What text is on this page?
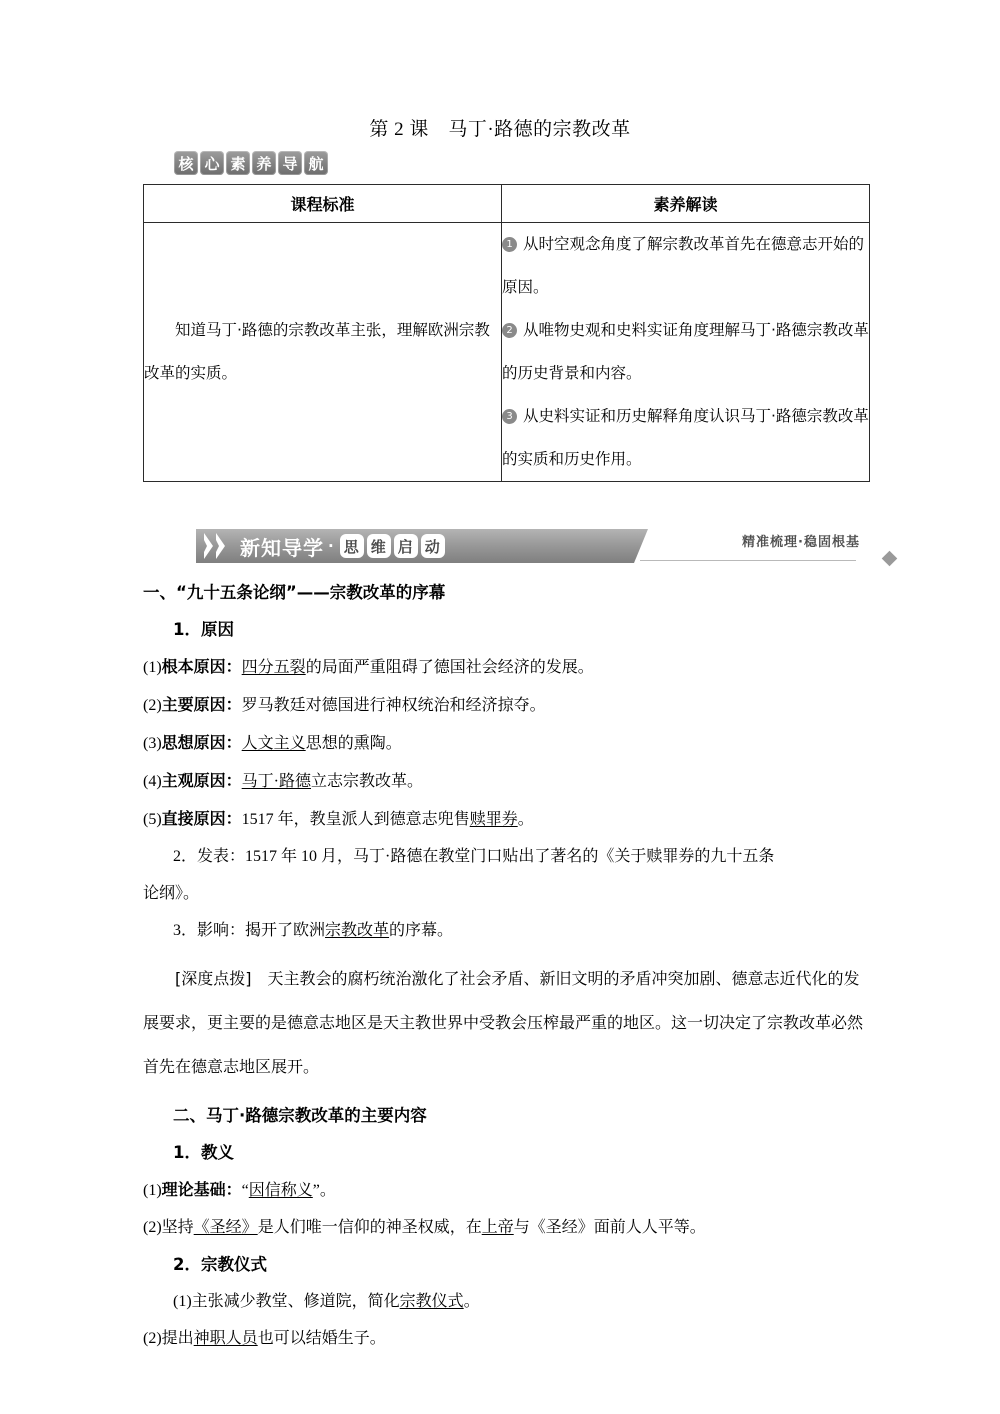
第 2 课　马丁·路德的宗教改革
核 心 素 养 导 航
课程标准	素养解读
知道马丁·路德的宗教改革主张，理解欧洲宗教改革的实质。	1 从时空观念角度了解宗教改革首先在德意志开始的原因。
2 从唯物史观和史料实证角度理解马丁·路德宗教改革的历史背景和内容。
3 从史料实证和历史解释角度认识马丁·路德宗教改革的实质和历史作用。
新知导学 · 思 维 启 动	精准梳理·稳固根基
一、“九十五条论纲”——宗教改革的序幕
1．原因
(1)根本原因：四分五裂的局面严重阻碍了德国社会经济的发展。
(2)主要原因：罗马教廷对德国进行神权统治和经济掠夺。
(3)思想原因：人文主义思想的熏陶。
(4)主观原因：马丁·路德立志宗教改革。
(5)直接原因：1517 年，教皇派人到德意志兜售赎罪券。
2．发表：1517 年 10 月，马丁·路德在教堂门口贴出了著名的《关于赎罪券的九十五条
论纲》。
3．影响：揭开了欧洲宗教改革的序幕。
[深度点拨]　 天主教会的腐朽统治激化了社会矛盾、新旧文明的矛盾冲突加剧、德意志近代化的发展要求，更主要的是德意志地区是天主教世界中受教会压榨最严重的地区。这一切决定了宗教改革必然首先在德意志地区展开。
二、马丁·路德宗教改革的主要内容
1．教义
(1)理论基础：“因信称义”。
(2)坚持《圣经》是人们唯一信仰的神圣权威，在上帝与《圣经》面前人人平等。
2．宗教仪式
(1)主张减少教堂、修道院，简化宗教仪式。
(2)提出神职人员也可以结婚生子。
